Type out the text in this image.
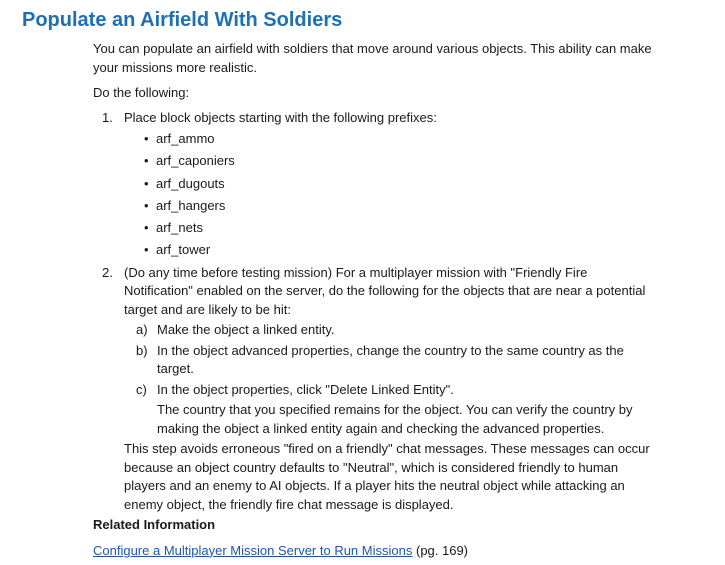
Populate an Airfield With Soldiers

You can populate an airfield with soldiers that move around various objects. This ability can make your missions more realistic.

Do the following:

1. Place block objects starting with the following prefixes:
• arf_ammo
• arf_caponiers
• arf_dugouts
• arf_hangers
• arf_nets
• arf_tower
2. (Do any time before testing mission) For a multiplayer mission with "Friendly Fire Notification" enabled on the server, do the following for the objects that are near a potential target and are likely to be hit:
a) Make the object a linked entity.
b) In the object advanced properties, change the country to the same country as the target.
c) In the object properties, click "Delete Linked Entity".

The country that you specified remains for the object. You can verify the country by making the object a linked entity again and checking the advanced properties.

This step avoids erroneous "fired on a friendly" chat messages. These messages can occur because an object country defaults to "Neutral", which is considered friendly to human players and an enemy to AI objects. If a player hits the neutral object while attacking an enemy object, the friendly fire chat message is displayed.

Related Information

Configure a Multiplayer Mission Server to Run Missions (pg. 169)
